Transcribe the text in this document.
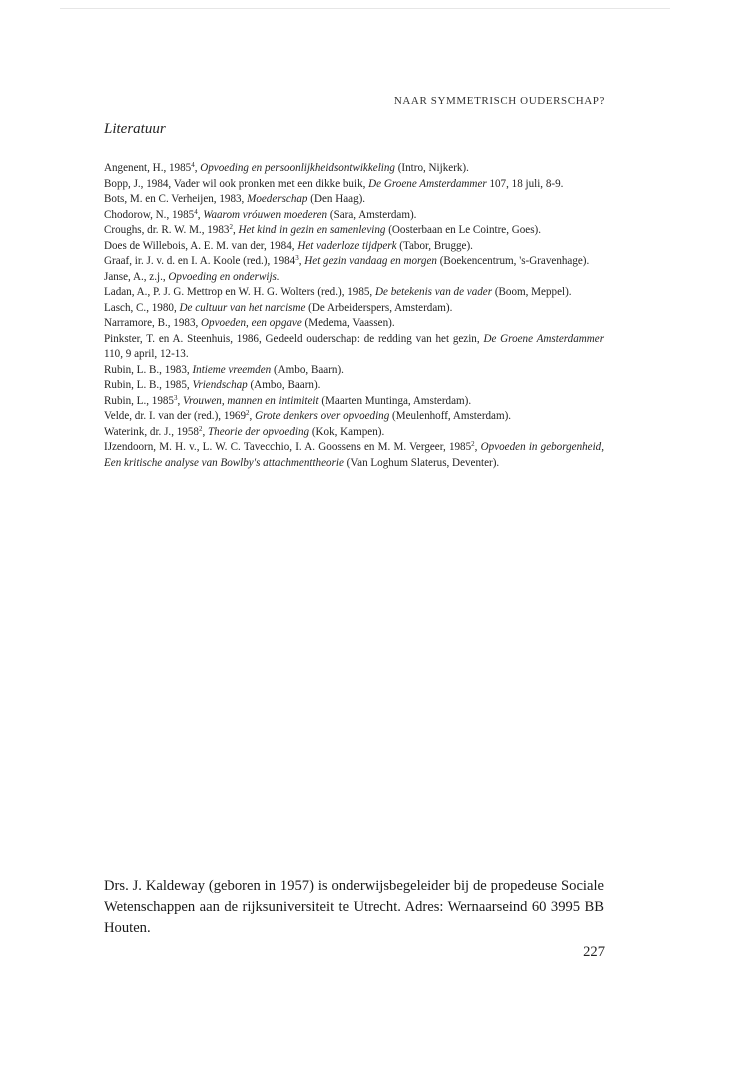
NAAR SYMMETRISCH OUDERSCHAP?
Literatuur

Angenent, H., 1985$^4$, Opvoeding en persoonlijkheidsontwikkeling (Intro, Nijkerk).

Bopp, J., 1984, Vader wil ook pronken met een dikke buik, De Groene Amsterdammer 107, 18 juli, 8-9.

Bots, M. en C. Verheijen, 1983, Moederschap (Den Haag).

Chodorow, N., 1985$^4$, Waarom vróuwen moederen (Sara, Amsterdam).

Croughs, dr. R. W. M., 1983$^2$, Het kind in gezin en samenleving (Oosterbaan en Le Cointre, Goes).

Does de Willebois, A. E. M. van der, 1984, Het vaderloze tijdperk (Tabor, Brugge).

Graaf, ir. J. v. d. en I. A. Koole (red.), 1984$^3$, Het gezin vandaag en morgen (Boekencentrum, 's-Gravenhage).

Janse, A., z.j., Opvoeding en onderwijs.

Ladan, A., P. J. G. Mettrop en W. H. G. Wolters (red.), 1985, De betekenis van de vader (Boom, Meppel).

Lasch, C., 1980, De cultuur van het narcisme (De Arbeiderspers, Amsterdam).

Narramore, B., 1983, Opvoeden, een opgave (Medema, Vaassen).

Pinkster, T. en A. Steenhuis, 1986, Gedeeld ouderschap: de redding van het gezin, De Groene Amsterdammer 110, 9 april, 12-13.

Rubin, L. B., 1983, Intieme vreemden (Ambo, Baarn).

Rubin, L. B., 1985, Vriendschap (Ambo, Baarn).

Rubin, L., 1985$^3$, Vrouwen, mannen en intimiteit (Maarten Muntinga, Amsterdam).

Velde, dr. I. van der (red.), 1969$^2$, Grote denkers over opvoeding (Meulenhoff, Amsterdam).

Waterink, dr. J., 1958$^2$, Theorie der opvoeding (Kok, Kampen).

IJzendoorn, M. H. v., L. W. C. Tavecchio, I. A. Goossens en M. M. Vergeer, 1985$^2$, Opvoeden in geborgenheid, Een kritische analyse van Bowlby's attachmenttheorie (Van Loghum Slaterus, Deventer).

Drs. J. Kaldeway (geboren in 1957) is onderwijsbegeleider bij de propedeuse Sociale Wetenschappen aan de rijksuniversiteit te Utrecht. Adres: Wernaarseind 60 3995 BB Houten.
227
